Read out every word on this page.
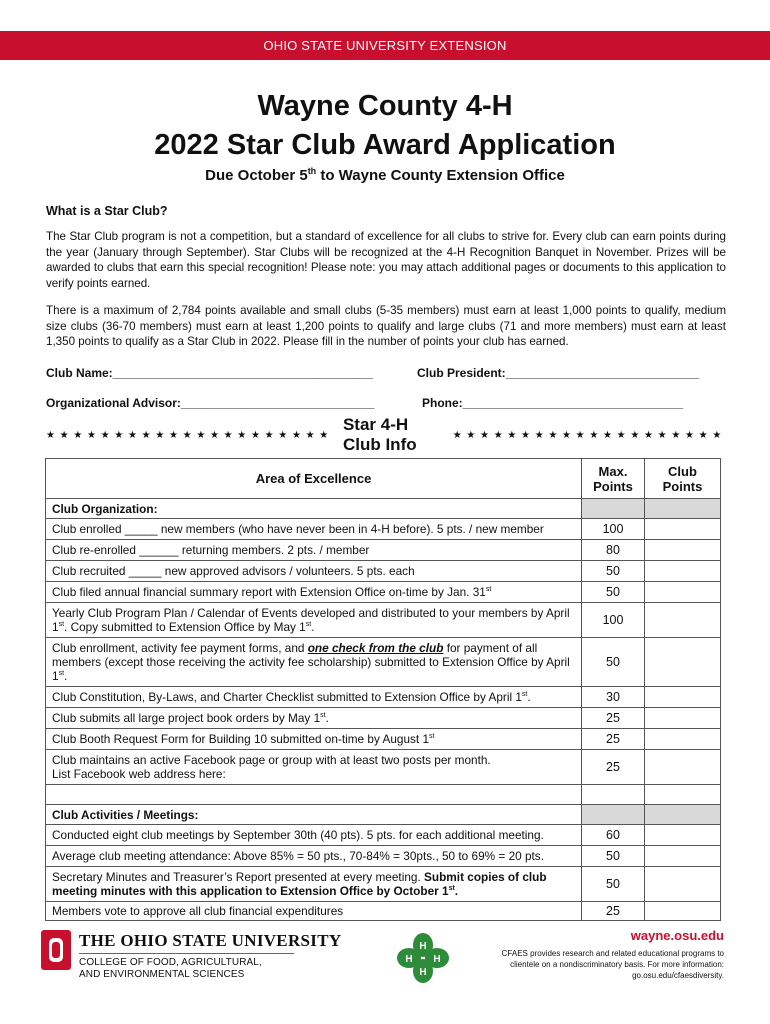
OHIO STATE UNIVERSITY EXTENSION
Wayne County 4-H
2022 Star Club Award Application
Due October 5th to Wayne County Extension Office
What is a Star Club?
The Star Club program is not a competition, but a standard of excellence for all clubs to strive for. Every club can earn points during the year (January through September). Star Clubs will be recognized at the 4-H Recognition Banquet in November. Prizes will be awarded to clubs that earn this special recognition! Please note: you may attach additional pages or documents to this application to verify points earned.
There is a maximum of 2,784 points available and small clubs (5-35 members) must earn at least 1,000 points to qualify, medium size clubs (36-70 members) must earn at least 1,200 points to qualify and large clubs (71 and more members) must earn at least 1,350 points to qualify as a Star Club in 2022. Please fill in the number of points your club has earned.
Club Name:_______________________________________	Club President:_____________________________
Organizational Advisor:_____________________________	Phone:_________________________________
★★★★★★★★★★★★★★★★★★★★★
Star 4-H Club Info	★★★★★★★★★★★★★★★★★★★★
Area of Excellence	Max. Points	Club Points
Club Organization:		
Club enrolled _____ new members (who have never been in 4-H before). 5 pts. / new member	100	
Club re-enrolled ______ returning members. 2 pts. / member	80	
Club recruited _____ new approved advisors / volunteers. 5 pts. each	50	
Club filed annual financial summary report with Extension Office on-time by Jan. 31st	50	
Yearly Club Program Plan / Calendar of Events developed and distributed to your members by April 1st. Copy submitted to Extension Office by May 1st.	100	
Club enrollment, activity fee payment forms, and one check from the club for payment of all members (except those receiving the activity fee scholarship) submitted to Extension Office by April 1st.	50	
Club Constitution, By-Laws, and Charter Checklist submitted to Extension Office by April 1st.	30	
Club submits all large project book orders by May 1st.	25	
Club Booth Request Form for Building 10 submitted on-time by August 1st	25	
Club maintains an active Facebook page or group with at least two posts per month.
List Facebook web address here:	25	

Club Activities / Meetings:		
Conducted eight club meetings by September 30th (40 pts). 5 pts. for each additional meeting.	60	
Average club meeting attendance: Above 85% = 50 pts., 70-84% = 30pts., 50 to 69% = 20 pts.	50	
Secretary Minutes and Treasurer’s Report presented at every meeting. Submit copies of club meeting minutes with this application to Extension Office by October 1st.	50	
Members vote to approve all club financial expenditures	25	
THE OHIO STATE UNIVERSITY
COLLEGE OF FOOD, AGRICULTURAL,
AND ENVIRONMENTAL SCIENCES
H
H
H H
wayne.osu.edu
CFAES provides research and related educational programs to clientele on a nondiscriminatory basis. For more information: go.osu.edu/cfaesdiversity.
